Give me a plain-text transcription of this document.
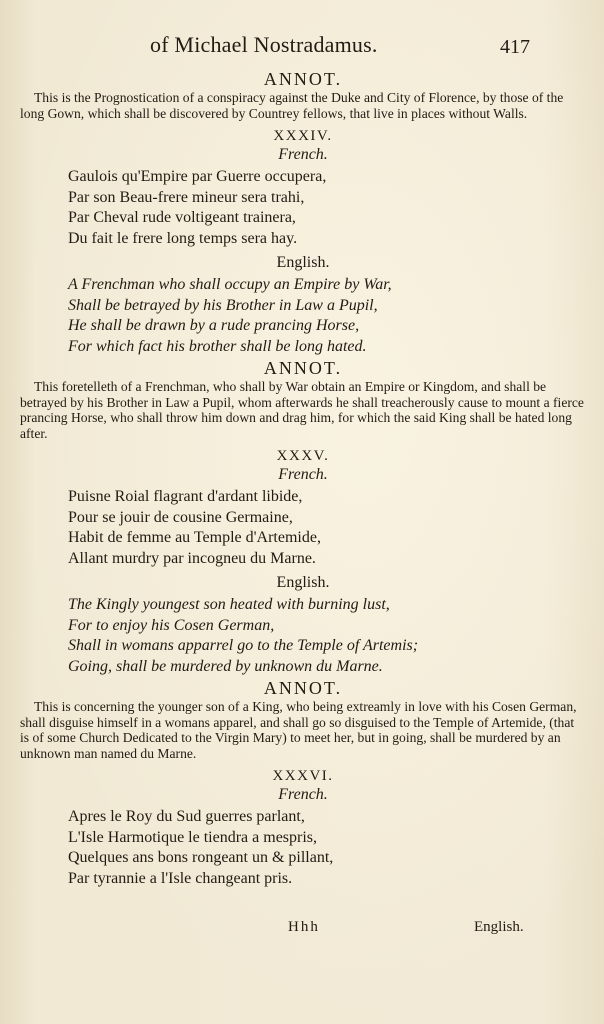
of Michael Nostradamus.	417
ANNOT.

This is the Prognostication of a conspiracy against the Duke and City of Florence, by those of the long Gown, which shall be discovered by Countrey fellows, that live in places without Walls.

XXXIV.
French.
Gaulois qu'Empire par Guerre occupera,
Par son Beau-frere mineur sera trahi,
Par Cheval rude voltigeant trainera,
Du fait le frere long temps sera hay.
English.
A Frenchman who shall occupy an Empire by War,
Shall be betrayed by his Brother in Law a Pupil,
He shall be drawn by a rude prancing Horse,
For which fact his brother shall be long hated.
ANNOT.

This foretelleth of a Frenchman, who shall by War obtain an Empire or Kingdom, and shall be betrayed by his Brother in Law a Pupil, whom afterwards he shall treacherously cause to mount a fierce prancing Horse, who shall throw him down and drag him, for which the said King shall be hated long after.

XXXV.
French.
Puisne Roial flagrant d'ardant libide,
Pour se jouir de cousine Germaine,
Habit de femme au Temple d'Artemide,
Allant murdry par incogneu du Marne.
English.
The Kingly youngest son heated with burning lust,
For to enjoy his Cosen German,
Shall in womans apparrel go to the Temple of Artemis;
Going, shall be murdered by unknown du Marne.
ANNOT.

This is concerning the younger son of a King, who being extreamly in love with his Cosen German, shall disguise himself in a womans apparel, and shall go so disguised to the Temple of Artemide, (that is of some Church Dedicated to the Virgin Mary) to meet her, but in going, shall be murdered by an unknown man named du Marne.

XXXVI.
French.
Apres le Roy du Sud guerres parlant,
L'Isle Harmotique le tiendra a mespris,
Quelques ans bons rongeant un & pillant,
Par tyrannie a l'Isle changeant pris.
Hhh	English.
